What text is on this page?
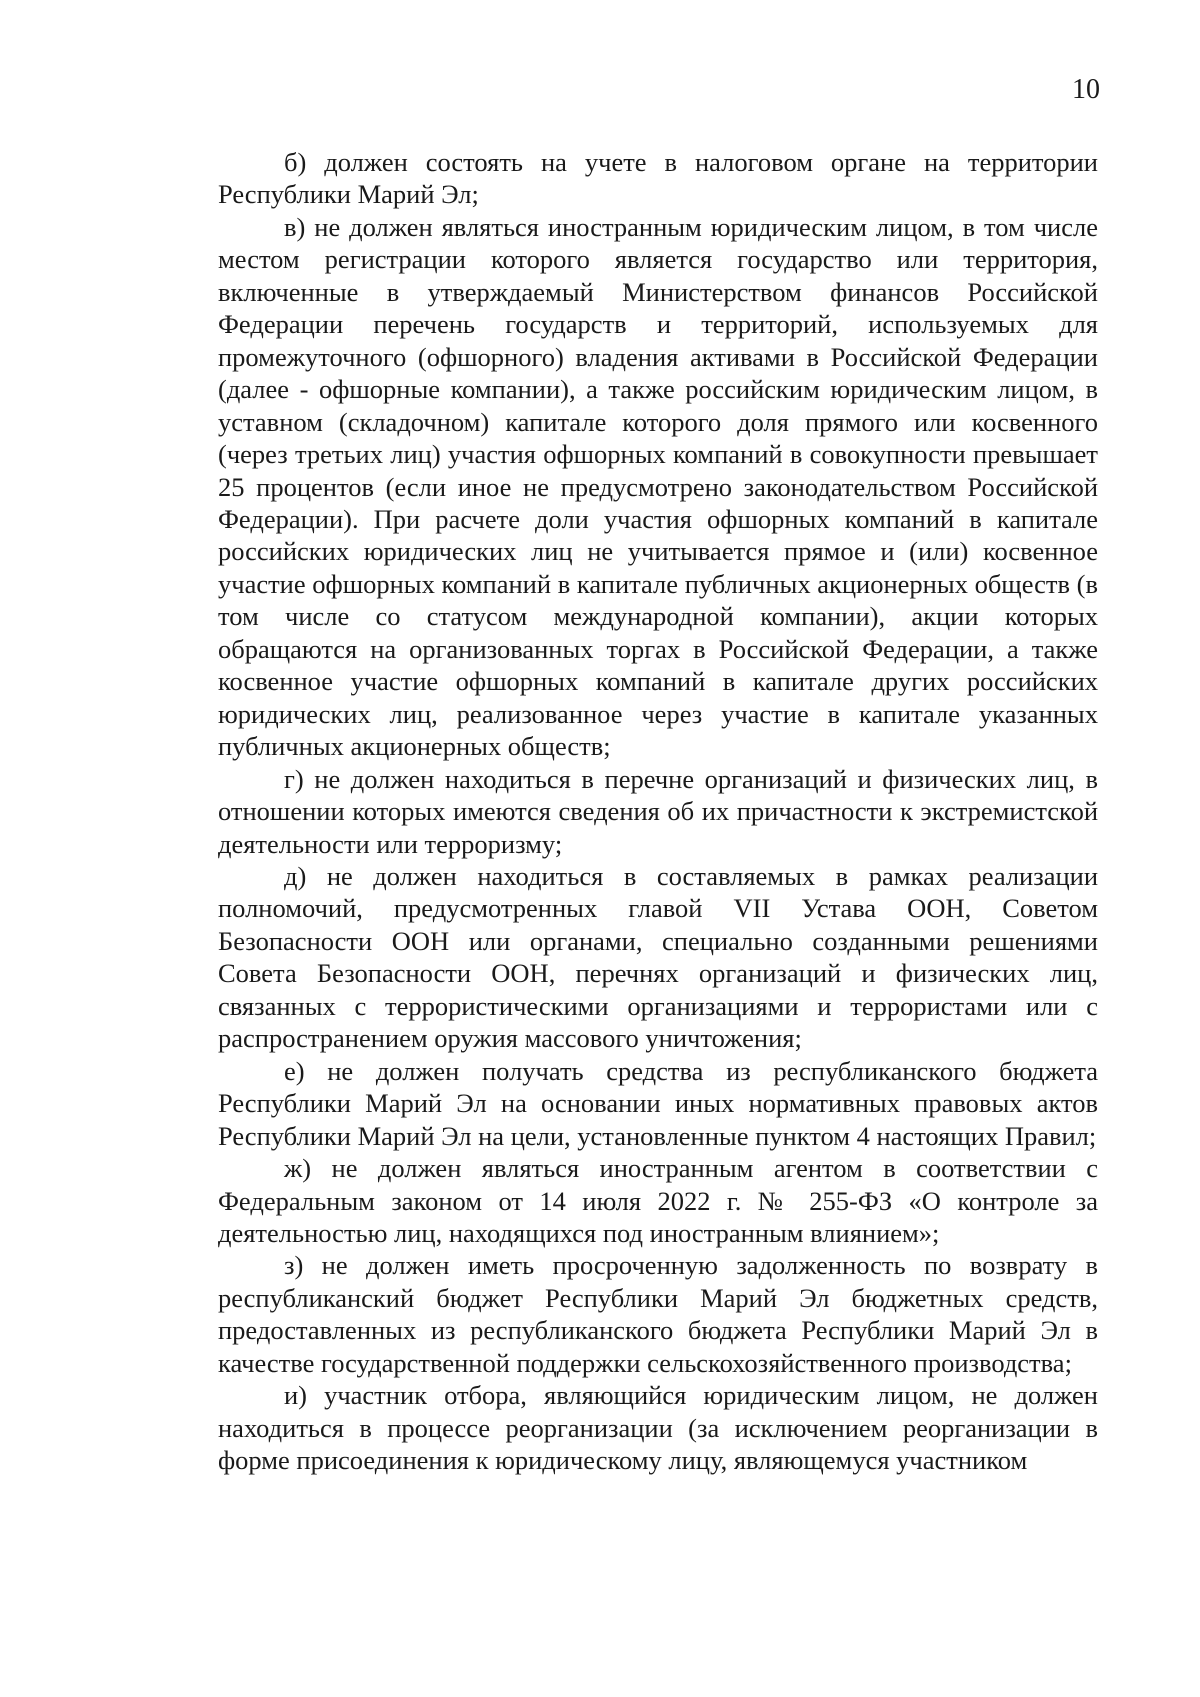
10

б) должен состоять на учете в налоговом органе на территории Республики Марий Эл;

в) не должен являться иностранным юридическим лицом, в том числе местом регистрации которого является государство или территория, включенные в утверждаемый Министерством финансов Российской Федерации перечень государств и территорий, используемых для промежуточного (офшорного) владения активами в Российской Федерации (далее - офшорные компании), а также российским юридическим лицом, в уставном (складочном) капитале которого доля прямого или косвенного (через третьих лиц) участия офшорных компаний в совокупности превышает 25 процентов (если иное не предусмотрено законодательством Российской Федерации). При расчете доли участия офшорных компаний в капитале российских юридических лиц не учитывается прямое и (или) косвенное участие офшорных компаний в капитале публичных акционерных обществ (в том числе со статусом международной компании), акции которых обращаются на организованных торгах в Российской Федерации, а также косвенное участие офшорных компаний в капитале других российских юридических лиц, реализованное через участие в капитале указанных публичных акционерных обществ;

г) не должен находиться в перечне организаций и физических лиц, в отношении которых имеются сведения об их причастности к экстремистской деятельности или терроризму;

д) не должен находиться в составляемых в рамках реализации полномочий, предусмотренных главой VII Устава ООН, Советом Безопасности ООН или органами, специально созданными решениями Совета Безопасности ООН, перечнях организаций и физических лиц, связанных с террористическими организациями и террористами или с распространением оружия массового уничтожения;

е) не должен получать средства из республиканского бюджета Республики Марий Эл на основании иных нормативных правовых актов Республики Марий Эл на цели, установленные пунктом 4 настоящих Правил;

ж) не должен являться иностранным агентом в соответствии с Федеральным законом от 14 июля 2022 г. № 255-ФЗ «О контроле за деятельностью лиц, находящихся под иностранным влиянием»;

з) не должен иметь просроченную задолженность по возврату в республиканский бюджет Республики Марий Эл бюджетных средств, предоставленных из республиканского бюджета Республики Марий Эл в качестве государственной поддержки сельскохозяйственного производства;

и) участник отбора, являющийся юридическим лицом, не должен находиться в процессе реорганизации (за исключением реорганизации в форме присоединения к юридическому лицу, являющемуся участником
